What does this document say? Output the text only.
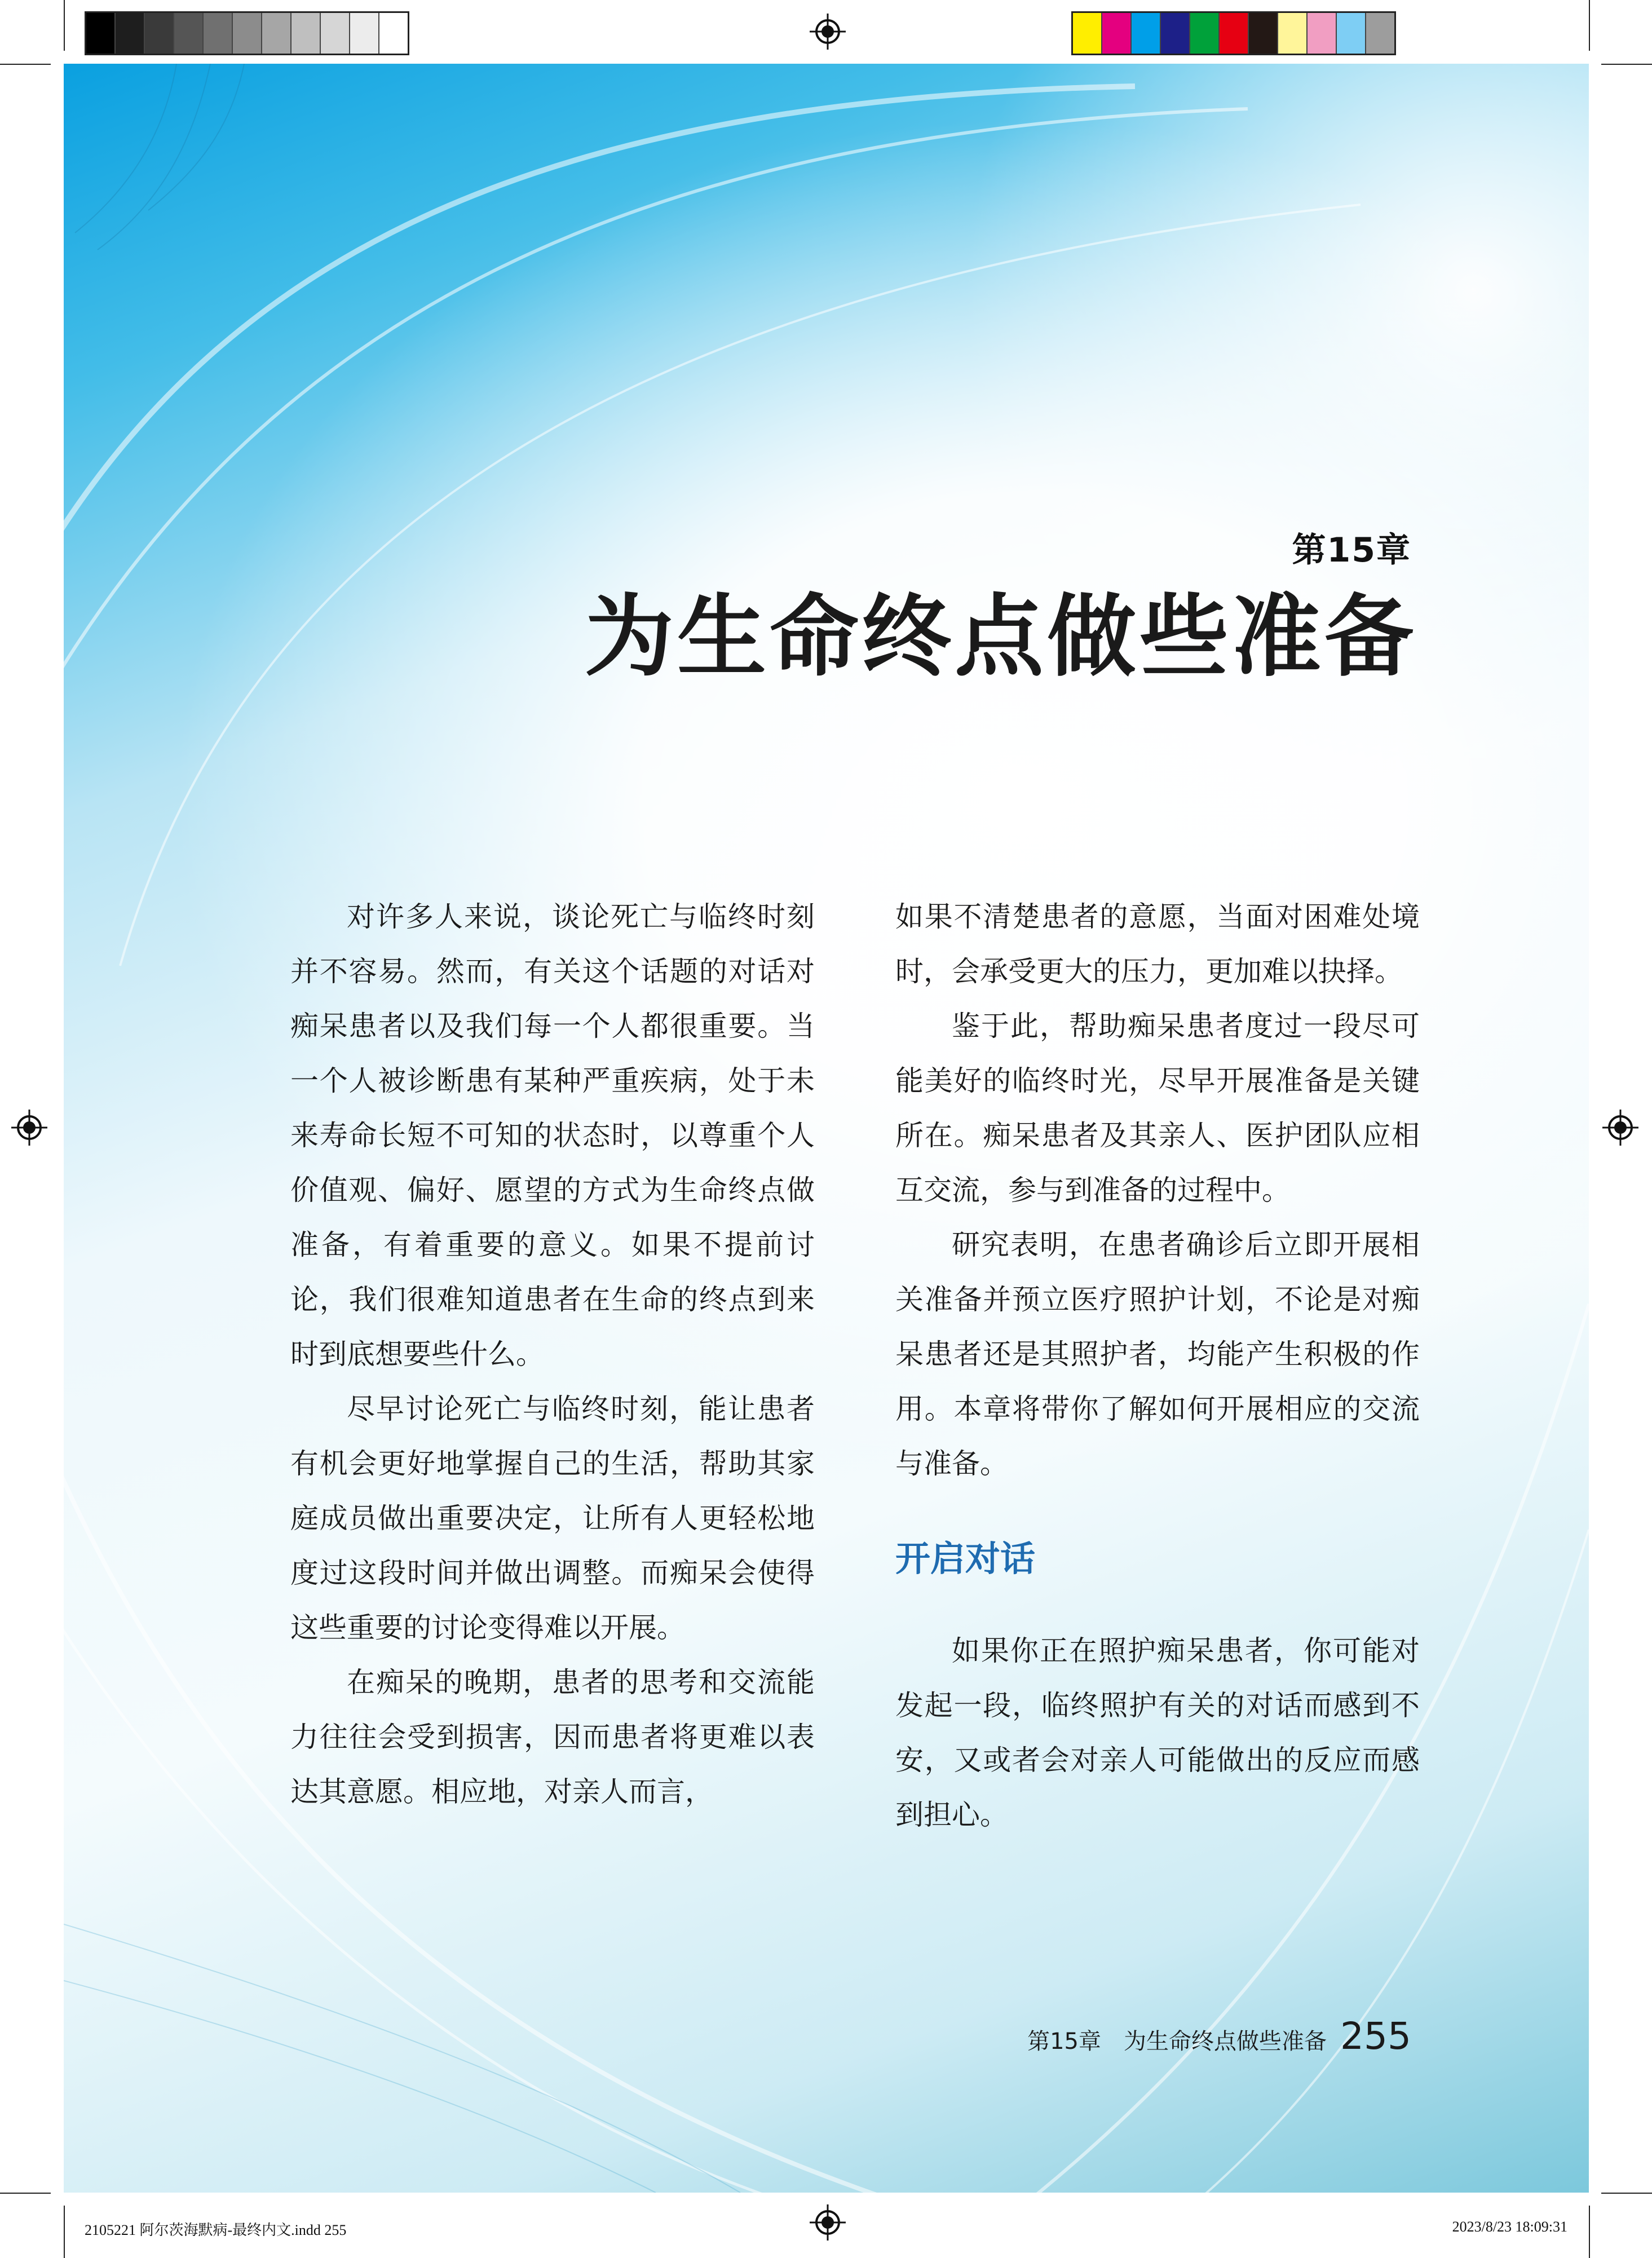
2105221 阿尔茨海默病-最终内文.indd 255	2023/8/23 18:09:31
第15章
为生命终点做些准备

对许多人来说，谈论死亡与临终时刻并不容易。然而，有关这个话题的对话对痴呆患者以及我们每一个人都很重要。当一个人被诊断患有某种严重疾病，处于未来寿命长短不可知的状态时，以尊重个人价值观、偏好、愿望的方式为生命终点做准备，有着重要的意义。如果不提前讨论，我们很难知道患者在生命的终点到来时到底想要些什么。

尽早讨论死亡与临终时刻，能让患者有机会更好地掌握自己的生活，帮助其家庭成员做出重要决定，让所有人更轻松地度过这段时间并做出调整。而痴呆会使得这些重要的讨论变得难以开展。

在痴呆的晚期，患者的思考和交流能力往往会受到损害，因而患者将更难以表达其意愿。相应地，对亲人而言，

如果不清楚患者的意愿，当面对困难处境时，会承受更大的压力，更加难以抉择。

鉴于此，帮助痴呆患者度过一段尽可能美好的临终时光，尽早开展准备是关键所在。痴呆患者及其亲人、医护团队应相互交流，参与到准备的过程中。

研究表明，在患者确诊后立即开展相关准备并预立医疗照护计划，不论是对痴呆患者还是其照护者，均能产生积极的作用。本章将带你了解如何开展相应的交流与准备。

开启对话

如果你正在照护痴呆患者，你可能对发起一段，临终照护有关的对话而感到不安，又或者会对亲人可能做出的反应而感到担心。

第15章　为生命终点做些准备 255
